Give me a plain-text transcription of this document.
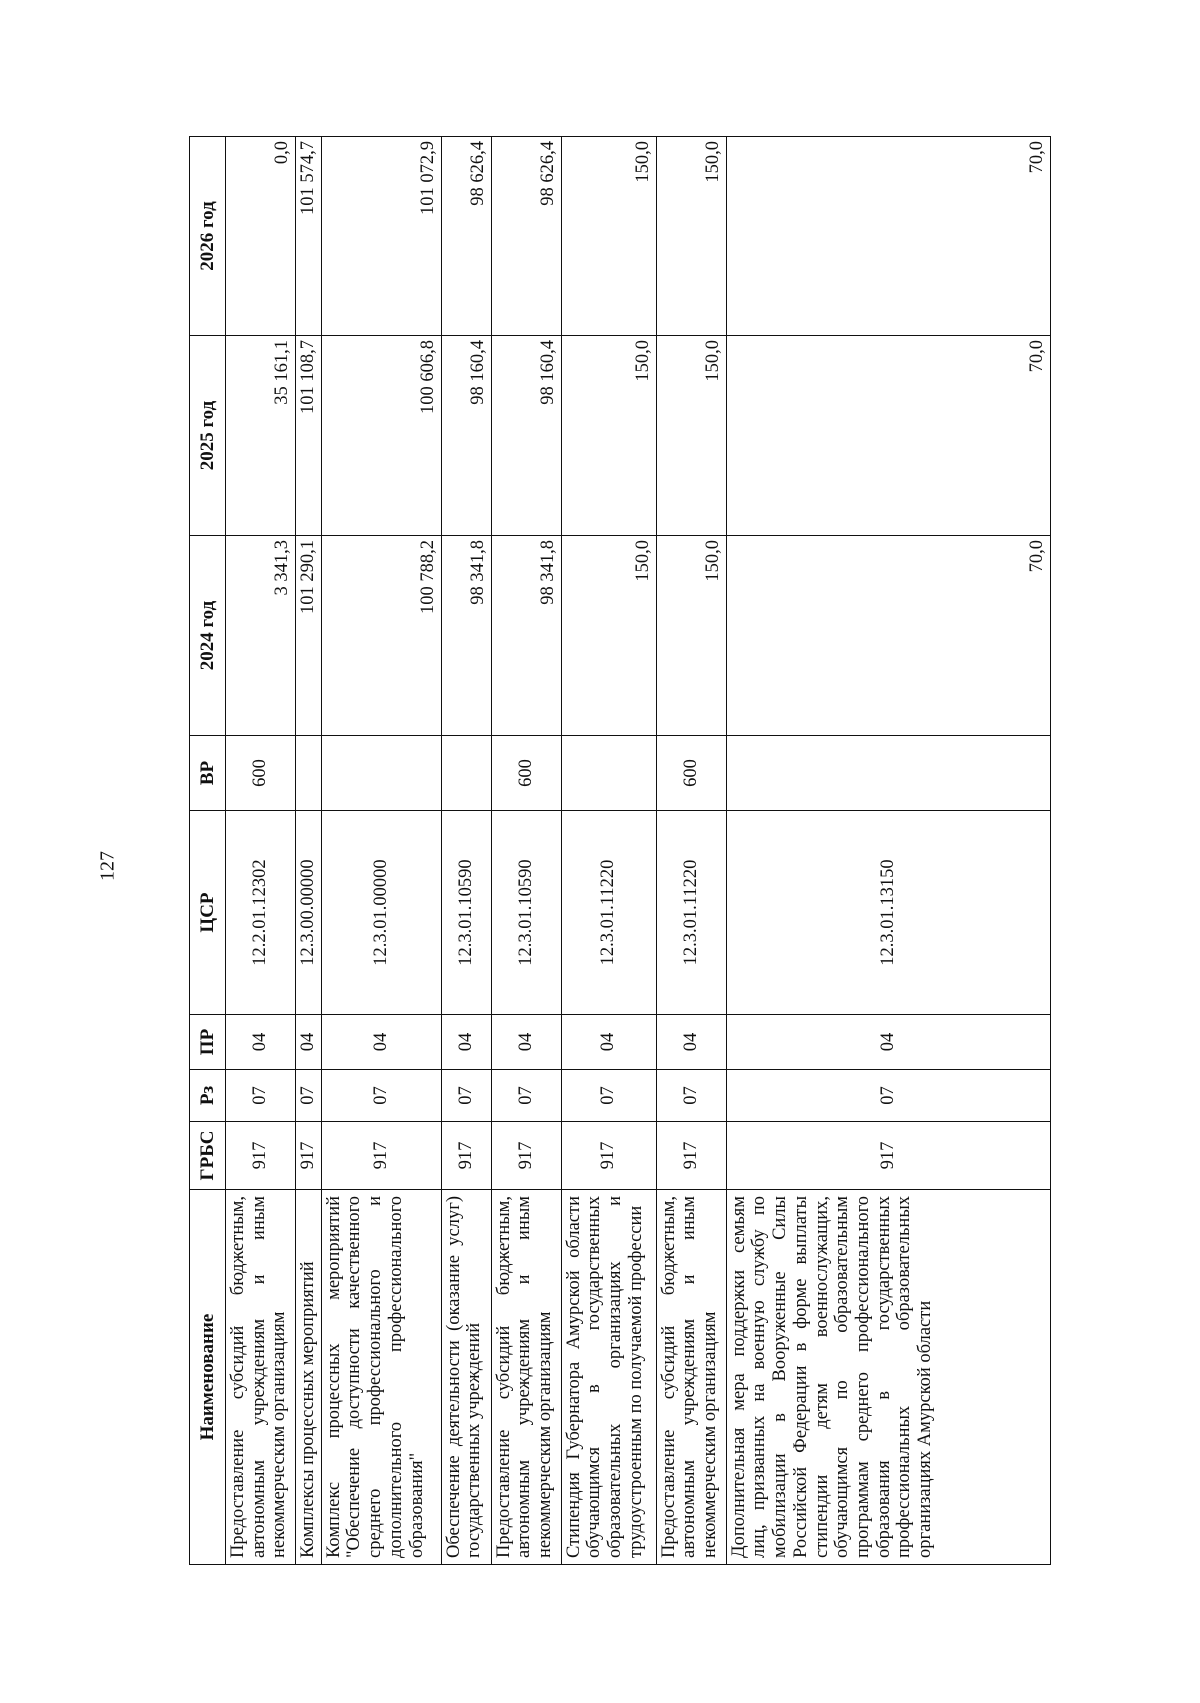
127
Наименование	ГРБС	Рз	ПР	ЦСР	ВР	2024 год	2025 год	2026 год
Предоставление субсидий бюджетным, автономным учреждениям и иным некоммерческим организациям	917	07	04	12.2.01.12302	600	3 341,3	35 161,1	0,0
Комплексы процессных мероприятий	917	07	04	12.3.00.00000		101 290,1	101 108,7	101 574,7
Комплекс процессных мероприятий "Обеспечение доступности качественного среднего профессионального и дополнительного профессионального образования"	917	07	04	12.3.01.00000		100 788,2	100 606,8	101 072,9
Обеспечение деятельности (оказание услуг) государственных учреждений	917	07	04	12.3.01.10590		98 341,8	98 160,4	98 626,4
Предоставление субсидий бюджетным, автономным учреждениям и иным некоммерческим организациям	917	07	04	12.3.01.10590	600	98 341,8	98 160,4	98 626,4
Стипендия Губернатора Амурской области обучающимся в государственных образовательных организациях и трудоустроенным по получаемой профессии	917	07	04	12.3.01.11220		150,0	150,0	150,0
Предоставление субсидий бюджетным, автономным учреждениям и иным некоммерческим организациям	917	07	04	12.3.01.11220	600	150,0	150,0	150,0
Дополнительная мера поддержки семьям лиц, призванных на военную службу по мобилизации в Вооруженные Силы Российской Федерации в форме выплаты стипендии детям военнослужащих, обучающимся по образовательным программам среднего профессионального образования в государственных профессиональных образовательных организациях Амурской области	917	07	04	12.3.01.13150		70,0	70,0	70,0
